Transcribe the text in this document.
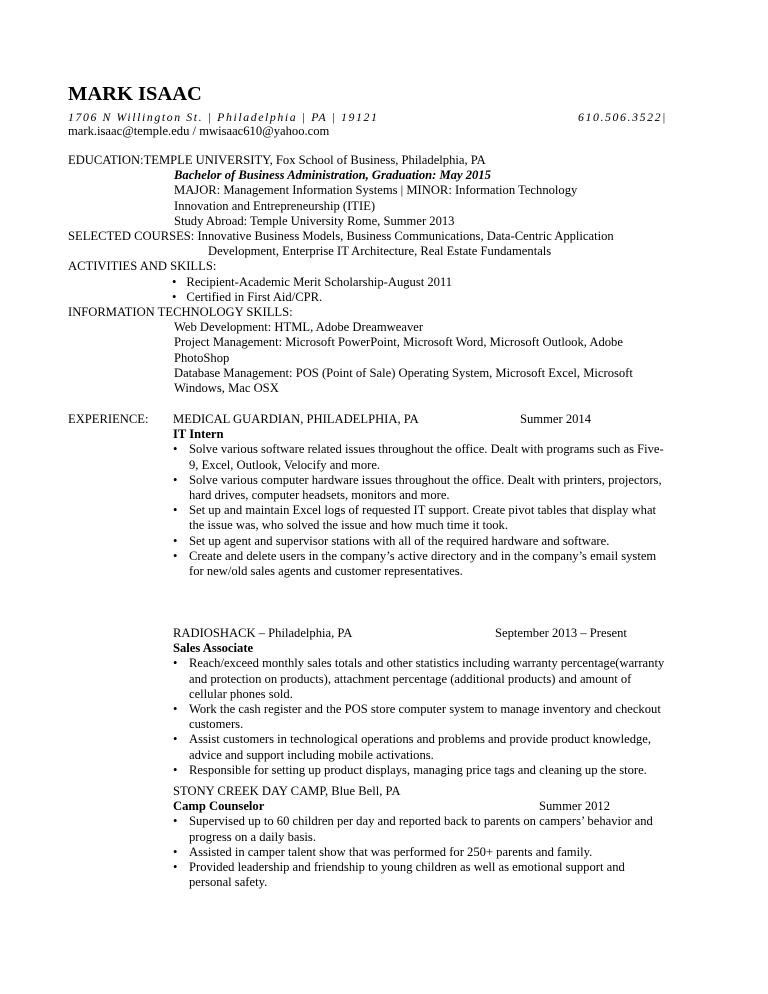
MARK ISAAC
1706 N Willington St. | Philadelphia | PA | 19121	610.506.3522|
mark.isaac@temple.edu / mwisaac610@yahoo.com
EDUCATION:TEMPLE UNIVERSITY, Fox School of Business, Philadelphia, PA
Bachelor of Business Administration, Graduation: May 2015
MAJOR: Management Information Systems | MINOR: Information Technology
Innovation and Entrepreneurship (ITIE)
Study Abroad: Temple University Rome, Summer 2013
SELECTED COURSES: Innovative Business Models, Business Communications, Data-Centric Application
Development, Enterprise IT Architecture, Real Estate Fundamentals
ACTIVITIES AND SKILLS:
• Recipient-Academic Merit Scholarship-August 2011
• Certified in First Aid/CPR.
INFORMATION TECHNOLOGY SKILLS:
Web Development: HTML, Adobe Dreamweaver
Project Management: Microsoft PowerPoint, Microsoft Word, Microsoft Outlook, Adobe
PhotoShop
Database Management: POS (Point of Sale) Operating System, Microsoft Excel, Microsoft
Windows, Mac OSX
EXPERIENCE: MEDICAL GUARDIAN, PHILADELPHIA, PA	Summer 2014
IT Intern
• Solve various software related issues throughout the office. Dealt with programs such as Five-
9, Excel, Outlook, Velocify and more.
• Solve various computer hardware issues throughout the office. Dealt with printers, projectors,
hard drives, computer headsets, monitors and more.
• Set up and maintain Excel logs of requested IT support. Create pivot tables that display what
the issue was, who solved the issue and how much time it took.
• Set up agent and supervisor stations with all of the required hardware and software.
• Create and delete users in the company’s active directory and in the company’s email system
for new/old sales agents and customer representatives.
RADIOSHACK – Philadelphia, PA	September 2013 – Present
Sales Associate
• Reach/exceed monthly sales totals and other statistics including warranty percentage(warranty
and protection on products), attachment percentage (additional products) and amount of
cellular phones sold.
• Work the cash register and the POS store computer system to manage inventory and checkout
customers.
• Assist customers in technological operations and problems and provide product knowledge,
advice and support including mobile activations.
• Responsible for setting up product displays, managing price tags and cleaning up the store.
STONY CREEK DAY CAMP, Blue Bell, PA
Camp Counselor	Summer 2012
• Supervised up to 60 children per day and reported back to parents on campers’ behavior and
progress on a daily basis.
• Assisted in camper talent show that was performed for 250+ parents and family.
• Provided leadership and friendship to young children as well as emotional support and
personal safety.
